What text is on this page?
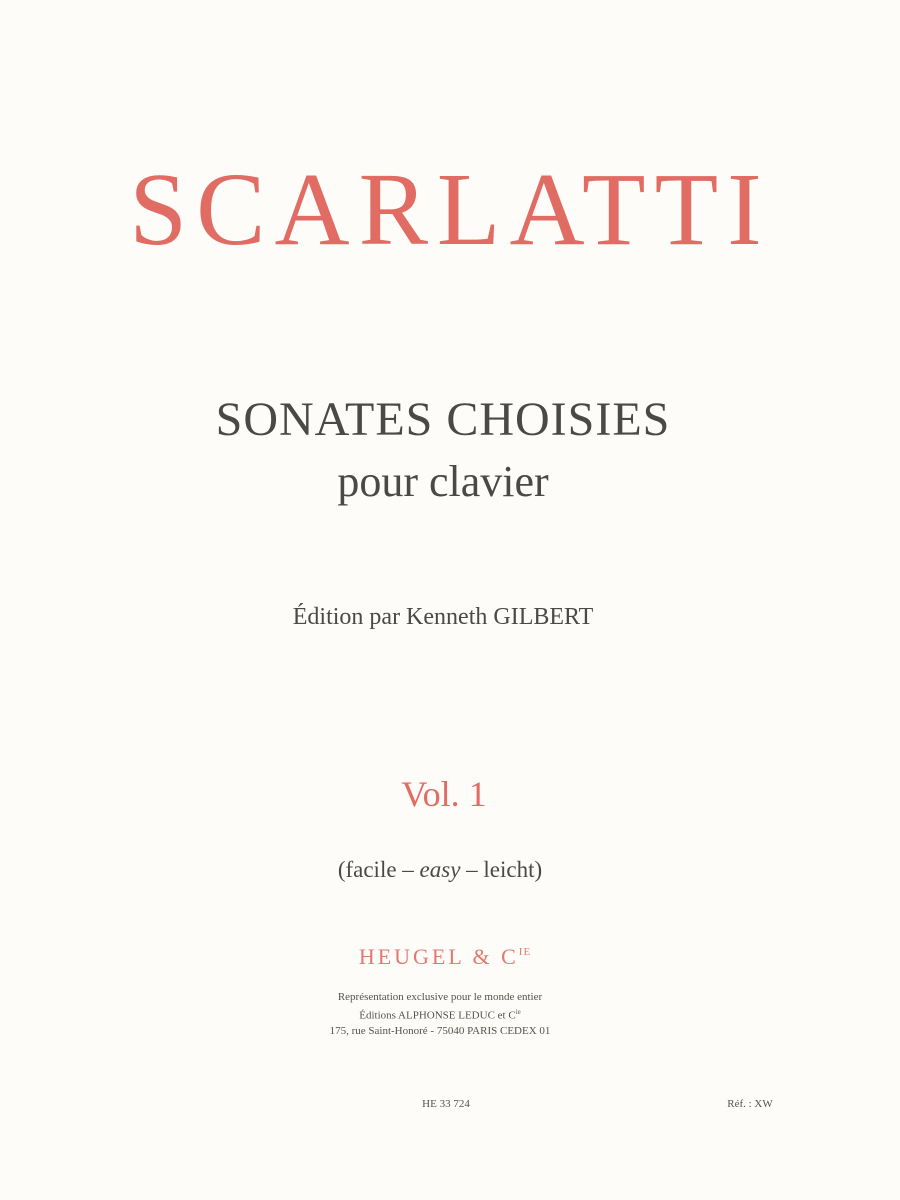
SCARLATTI
SONATES CHOISIES
pour clavier
Édition par Kenneth GILBERT
Vol. 1
(facile – easy – leicht)
HEUGEL & $C^{IE}$
Représentation exclusive pour le monde entier
Éditions ALPHONSE LEDUC et $C^{ie}$
175, rue Saint-Honoré - 75040 PARIS CEDEX 01
HE 33 724	Réf. : XW
